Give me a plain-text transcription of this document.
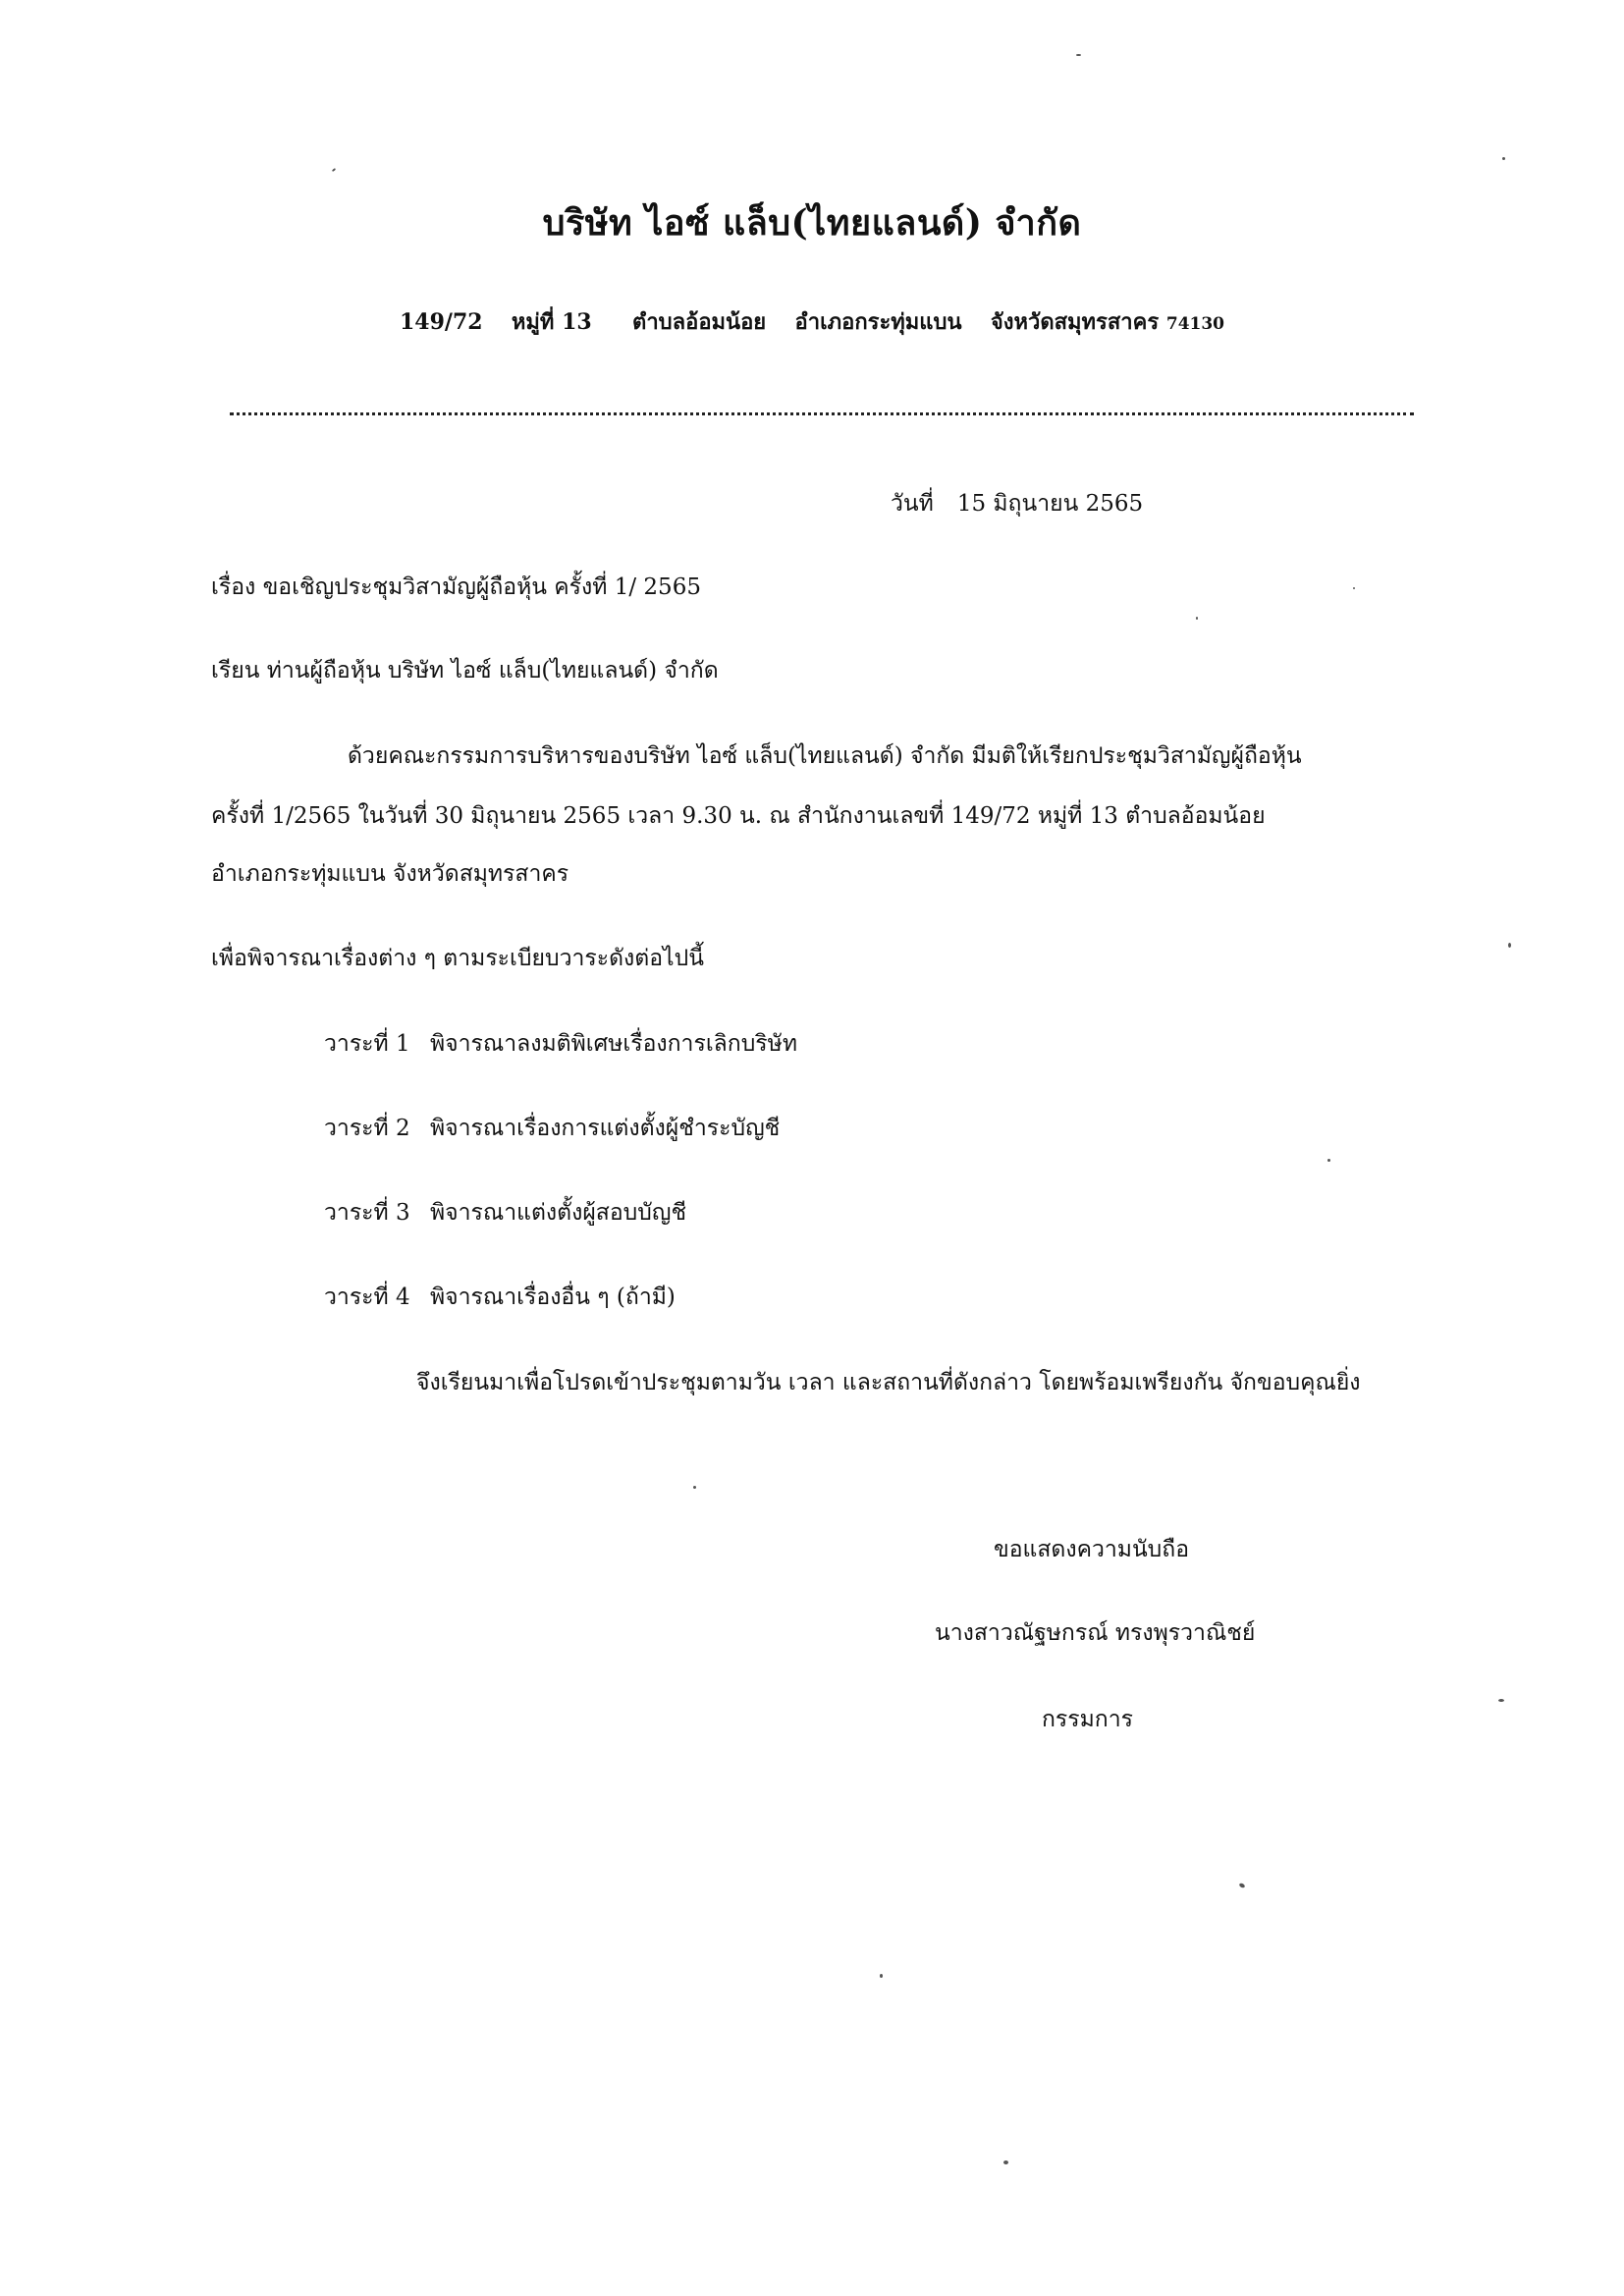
บริษัท ไอซ์ แล็บ(ไทยแลนด์) จำกัด
149/72 หมู่ที่ 13 ตำบลอ้อมน้อย อำเภอกระทุ่มแบน จังหวัดสมุทรสาคร 74130
วันที่ 15 มิถุนายน 2565
เรื่อง ขอเชิญประชุมวิสามัญผู้ถือหุ้น ครั้งที่ 1/ 2565
เรียน ท่านผู้ถือหุ้น บริษัท ไอซ์ แล็บ(ไทยแลนด์) จำกัด
ด้วยคณะกรรมการบริหารของบริษัท ไอซ์ แล็บ(ไทยแลนด์) จำกัด มีมติให้เรียกประชุมวิสามัญผู้ถือหุ้น
ครั้งที่ 1/2565 ในวันที่ 30 มิถุนายน 2565 เวลา 9.30 น. ณ สำนักงานเลขที่ 149/72 หมู่ที่ 13 ตำบลอ้อมน้อย
อำเภอกระทุ่มแบน จังหวัดสมุทรสาคร
เพื่อพิจารณาเรื่องต่าง ๆ ตามระเบียบวาระดังต่อไปนี้
วาระที่ 1 พิจารณาลงมติพิเศษเรื่องการเลิกบริษัท
วาระที่ 2 พิจารณาเรื่องการแต่งตั้งผู้ชำระบัญชี
วาระที่ 3 พิจารณาแต่งตั้งผู้สอบบัญชี
วาระที่ 4 พิจารณาเรื่องอื่น ๆ (ถ้ามี)
จึงเรียนมาเพื่อโปรดเข้าประชุมตามวัน เวลา และสถานที่ดังกล่าว โดยพร้อมเพรียงกัน จักขอบคุณยิ่ง
ขอแสดงความนับถือ
นางสาวณัฐษกรณ์ ทรงพุรวาณิชย์
กรรมการ
